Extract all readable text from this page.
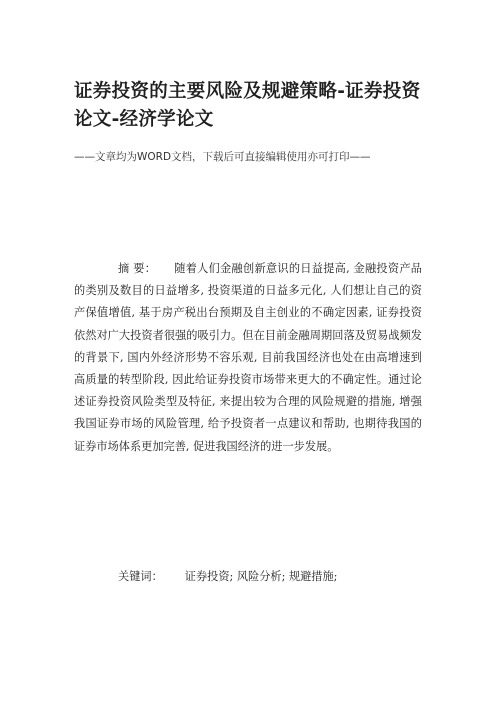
证券投资的主要风险及规避策略-证券投资论文-经济学论文
——文章均为WORD文档，下载后可直接编辑使用亦可打印——

摘 要： 随着人们金融创新意识的日益提高, 金融投资产品的类别及数目的日益增多, 投资渠道的日益多元化, 人们想让自己的资产保值增值, 基于房产税出台预期及自主创业的不确定因素, 证券投资依然对广大投资者很强的吸引力。但在目前金融周期回落及贸易战频发的背景下, 国内外经济形势不容乐观, 目前我国经济也处在由高增速到高质量的转型阶段, 因此给证券投资市场带来更大的不确定性。通过论述证券投资风险类型及特征, 来提出较为合理的风险规避的措施, 增强我国证券市场的风险管理, 给予投资者一点建议和帮助, 也期待我国的证券市场体系更加完善, 促进我国经济的进一步发展。

关键词： 证券投资; 风险分析; 规避措施;
